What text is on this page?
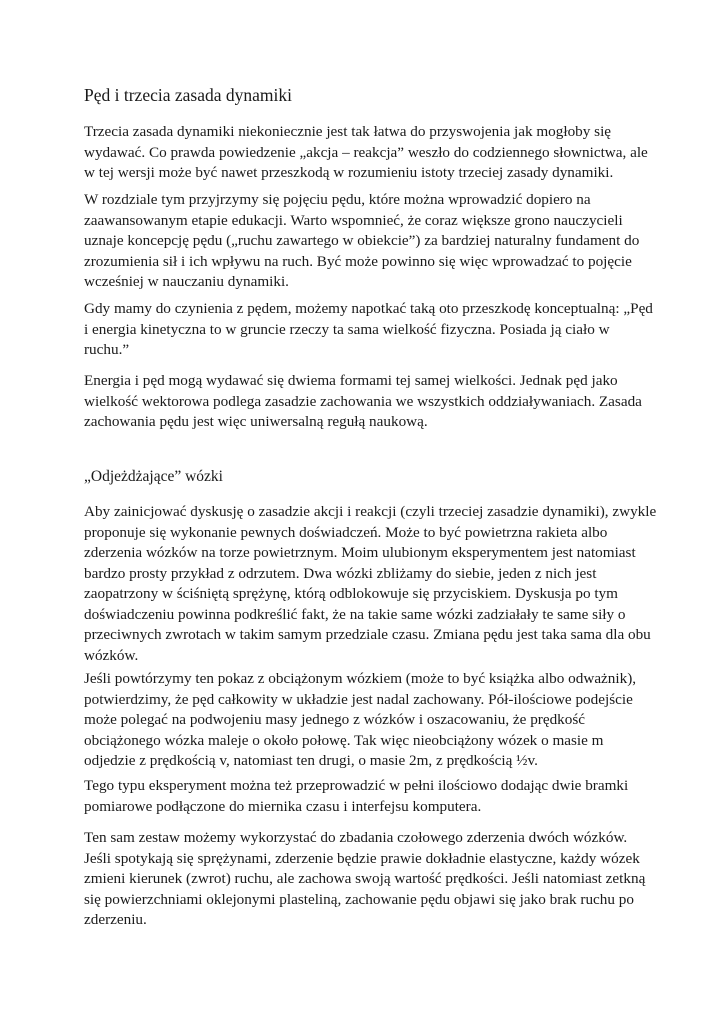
Pęd i trzecia zasada dynamiki

Trzecia zasada dynamiki niekoniecznie jest tak łatwa do przyswojenia jak mogłoby się
wydawać. Co prawda powiedzenie „akcja – reakcja” weszło do codziennego słownictwa, ale
w tej wersji może być nawet przeszkodą w rozumieniu istoty trzeciej zasady dynamiki.

W rozdziale tym przyjrzymy się pojęciu pędu, które można wprowadzić dopiero na
zaawansowanym etapie edukacji. Warto wspomnieć, że coraz większe grono nauczycieli
uznaje koncepcję pędu („ruchu zawartego w obiekcie”) za bardziej naturalny fundament do
zrozumienia sił i ich wpływu na ruch. Być może powinno się więc wprowadzać to pojęcie
wcześniej w nauczaniu dynamiki.

Gdy mamy do czynienia z pędem, możemy napotkać taką oto przeszkodę konceptualną: „Pęd
i energia kinetyczna to w gruncie rzeczy ta sama wielkość fizyczna. Posiada ją ciało w
ruchu.”

Energia i pęd mogą wydawać się dwiema formami tej samej wielkości. Jednak pęd jako
wielkość wektorowa podlega zasadzie zachowania we wszystkich oddziaływaniach. Zasada
zachowania pędu jest więc uniwersalną regułą naukową.

„Odjeżdżające” wózki

Aby zainicjować dyskusję o zasadzie akcji i reakcji (czyli trzeciej zasadzie dynamiki), zwykle
proponuje się wykonanie pewnych doświadczeń. Może to być powietrzna rakieta albo
zderzenia wózków na torze powietrznym. Moim ulubionym eksperymentem jest natomiast
bardzo prosty przykład z odrzutem. Dwa wózki zbliżamy do siebie, jeden z nich jest
zaopatrzony w ściśniętą sprężynę, którą odblokowuje się przyciskiem. Dyskusja po tym
doświadczeniu powinna podkreślić fakt, że na takie same wózki zadziałały te same siły o
przeciwnych zwrotach w takim samym przedziale czasu. Zmiana pędu jest taka sama dla obu
wózków.

Jeśli powtórzymy ten pokaz z obciążonym wózkiem (może to być książka albo odważnik),
potwierdzimy, że pęd całkowity w układzie jest nadal zachowany. Pół-ilościowe podejście
może polegać na podwojeniu masy jednego z wózków i oszacowaniu, że prędkość
obciążonego wózka maleje o około połowę. Tak więc nieobciążony wózek o masie m
odjedzie z prędkością v, natomiast ten drugi, o masie 2m, z prędkością ½v.

Tego typu eksperyment można też przeprowadzić w pełni ilościowo dodając dwie bramki
pomiarowe podłączone do miernika czasu i interfejsu komputera.

Ten sam zestaw możemy wykorzystać do zbadania czołowego zderzenia dwóch wózków.
Jeśli spotykają się sprężynami, zderzenie będzie prawie dokładnie elastyczne, każdy wózek
zmieni kierunek (zwrot) ruchu, ale zachowa swoją wartość prędkości. Jeśli natomiast zetkną
się powierzchniami oklejonymi plasteliną, zachowanie pędu objawi się jako brak ruchu po
zderzeniu.
